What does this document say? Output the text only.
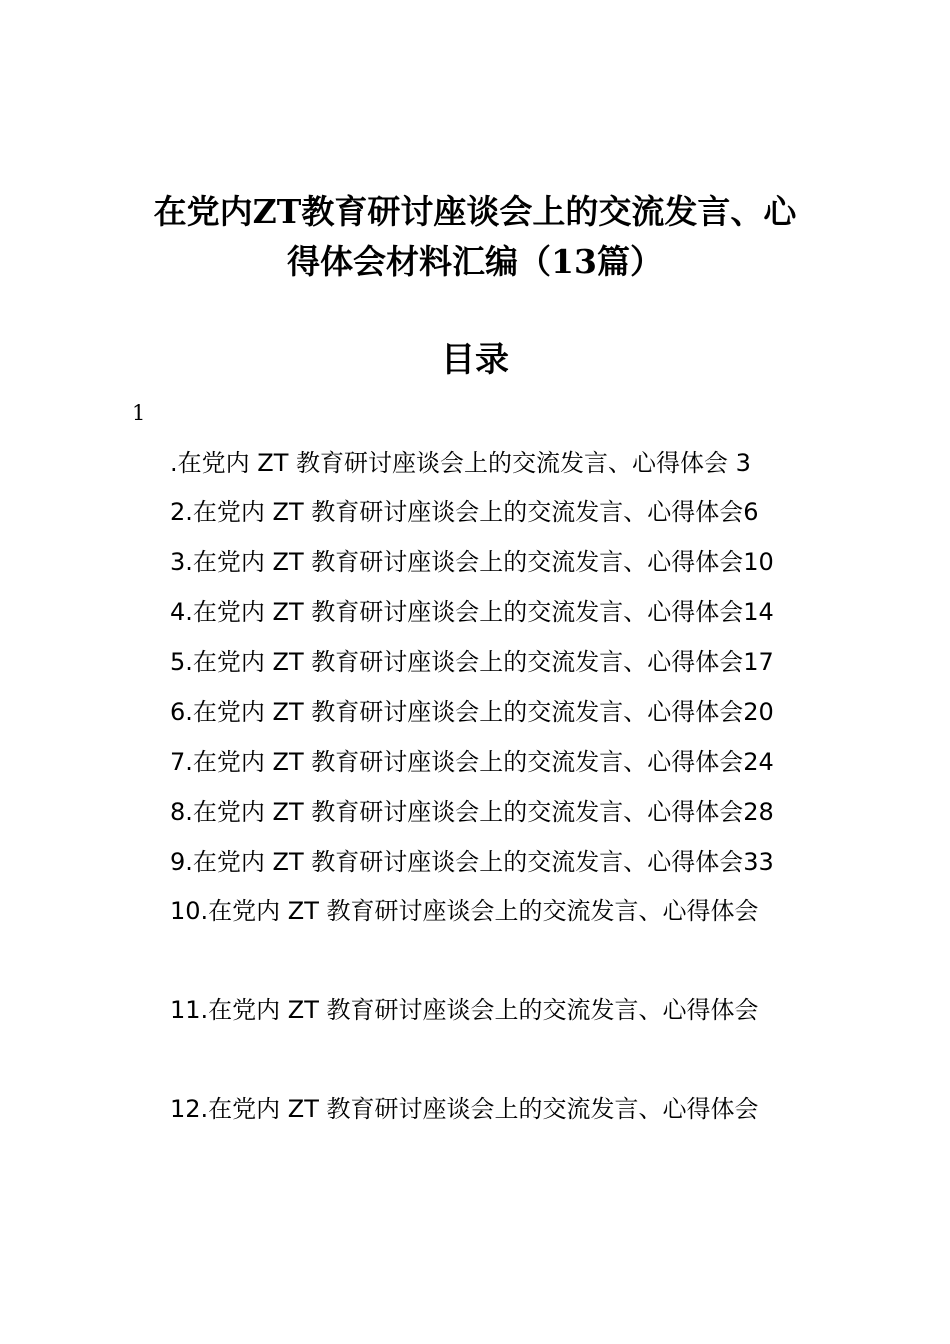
在党内ZT教育研讨座谈会上的交流发言、心
得体会材料汇编（13篇）
目录
1
.在党内 ZT 教育研讨座谈会上的交流发言、心得体会 3
2.在党内 ZT 教育研讨座谈会上的交流发言、心得体会6
3.在党内 ZT 教育研讨座谈会上的交流发言、心得体会10
4.在党内 ZT 教育研讨座谈会上的交流发言、心得体会14
5.在党内 ZT 教育研讨座谈会上的交流发言、心得体会17
6.在党内 ZT 教育研讨座谈会上的交流发言、心得体会20
7.在党内 ZT 教育研讨座谈会上的交流发言、心得体会24
8.在党内 ZT 教育研讨座谈会上的交流发言、心得体会28
9.在党内 ZT 教育研讨座谈会上的交流发言、心得体会33
10.在党内 ZT 教育研讨座谈会上的交流发言、心得体会
11.在党内 ZT 教育研讨座谈会上的交流发言、心得体会
12.在党内 ZT 教育研讨座谈会上的交流发言、心得体会
